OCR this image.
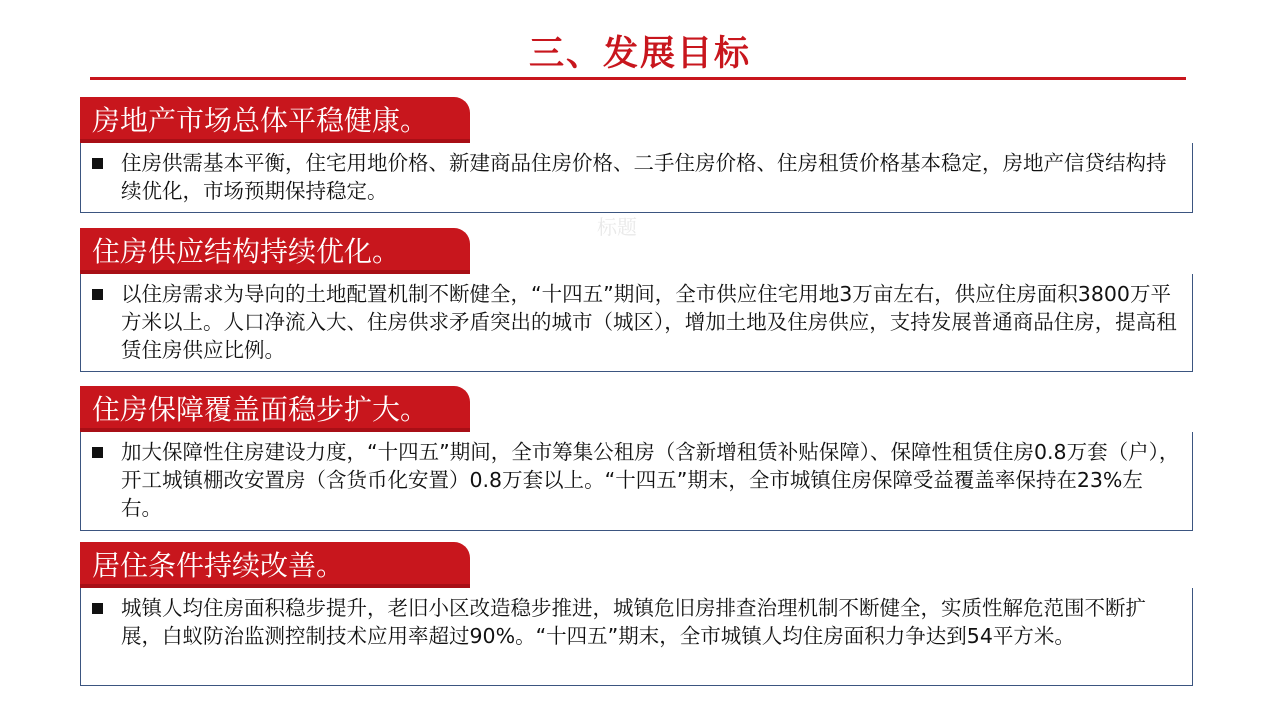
三、发展目标
标题
房地产市场总体平稳健康。
住房供需基本平衡，住宅用地价格、新建商品住房价格、二手住房价格、住房租赁价格基本稳定，房地产信贷结构持续优化，市场预期保持稳定。
住房供应结构持续优化。
以住房需求为导向的土地配置机制不断健全，“十四五”期间，全市供应住宅用地3万亩左右，供应住房面积3800万平方米以上。人口净流入大、住房供求矛盾突出的城市（城区），增加土地及住房供应，支持发展普通商品住房，提高租赁住房供应比例。
住房保障覆盖面稳步扩大。
加大保障性住房建设力度，“十四五”期间，全市筹集公租房（含新增租赁补贴保障）、保障性租赁住房0.8万套（户），开工城镇棚改安置房（含货币化安置）0.8万套以上。“十四五”期末，全市城镇住房保障受益覆盖率保持在23%左右。
居住条件持续改善。
城镇人均住房面积稳步提升，老旧小区改造稳步推进，城镇危旧房排查治理机制不断健全，实质性解危范围不断扩展，白蚁防治监测控制技术应用率超过90%。“十四五”期末，全市城镇人均住房面积力争达到54平方米。
